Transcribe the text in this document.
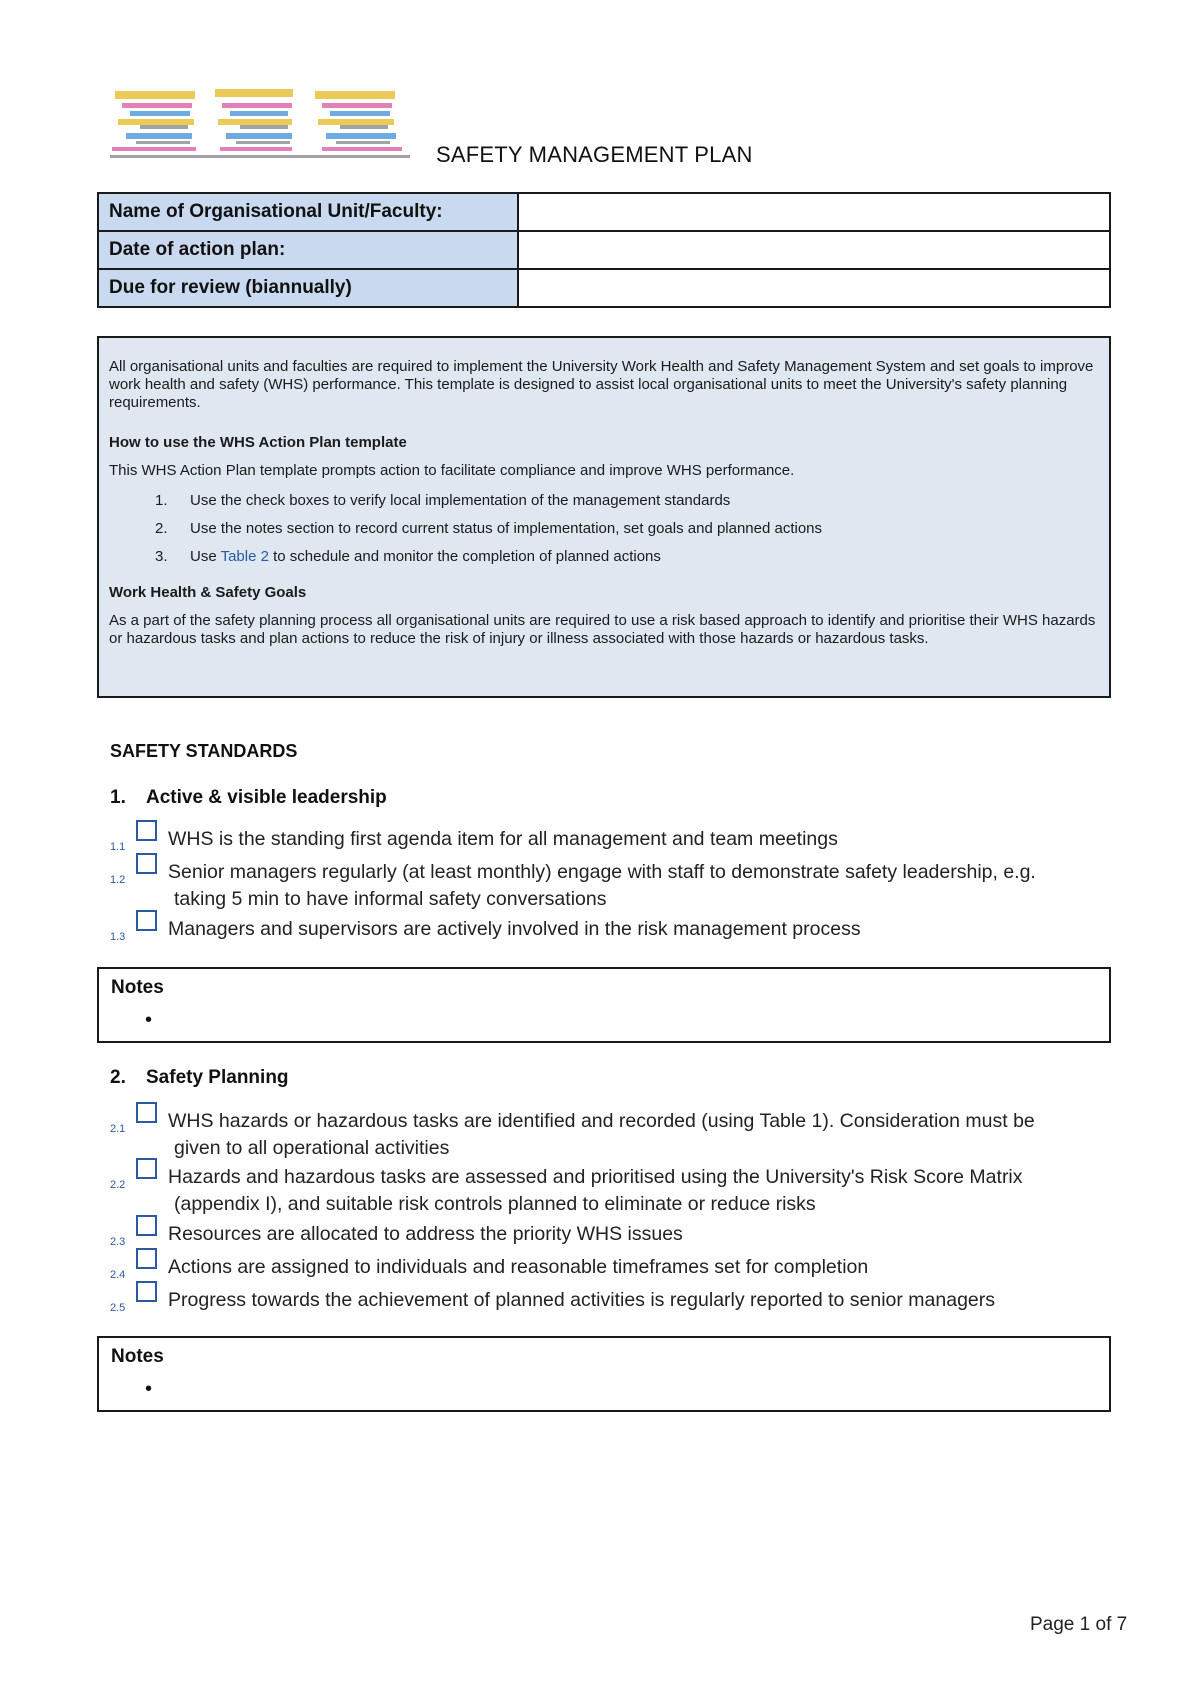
SAFETY MANAGEMENT PLAN
Name of Organisational Unit/Faculty:	
Date of action plan:	
Due for review (biannually)	

All organisational units and faculties are required to implement the University Work Health and Safety Management System and set goals to improve work health and safety (WHS) performance. This template is designed to assist local organisational units to meet the University's safety planning requirements.

How to use the WHS Action Plan template

This WHS Action Plan template prompts action to facilitate compliance and improve WHS performance.

1.	Use the check boxes to verify local implementation of the management standards
2.	Use the notes section to record current status of implementation, set goals and planned actions
3.	Use Table 2 to schedule and monitor the completion of planned actions

Work Health & Safety Goals

As a part of the safety planning process all organisational units are required to use a risk based approach to identify and prioritise their WHS hazards or hazardous tasks and plan actions to reduce the risk of injury or illness associated with those hazards or hazardous tasks.

SAFETY STANDARDS
1. Active & visible leadership
1.1 WHS is the standing first agenda item for all management and team meetings
1.2 Senior managers regularly (at least monthly) engage with staff to demonstrate safety leadership, e.g.
taking 5 min to have informal safety conversations
1.3 Managers and supervisors are actively involved in the risk management process
Notes
•
2. Safety Planning
2.1 WHS hazards or hazardous tasks are identified and recorded (using Table 1). Consideration must be
given to all operational activities
2.2 Hazards and hazardous tasks are assessed and prioritised using the University's Risk Score Matrix
(appendix I), and suitable risk controls planned to eliminate or reduce risks
2.3 Resources are allocated to address the priority WHS issues
2.4 Actions are assigned to individuals and reasonable timeframes set for completion
2.5 Progress towards the achievement of planned activities is regularly reported to senior managers
Notes
•
Page 1 of 7
